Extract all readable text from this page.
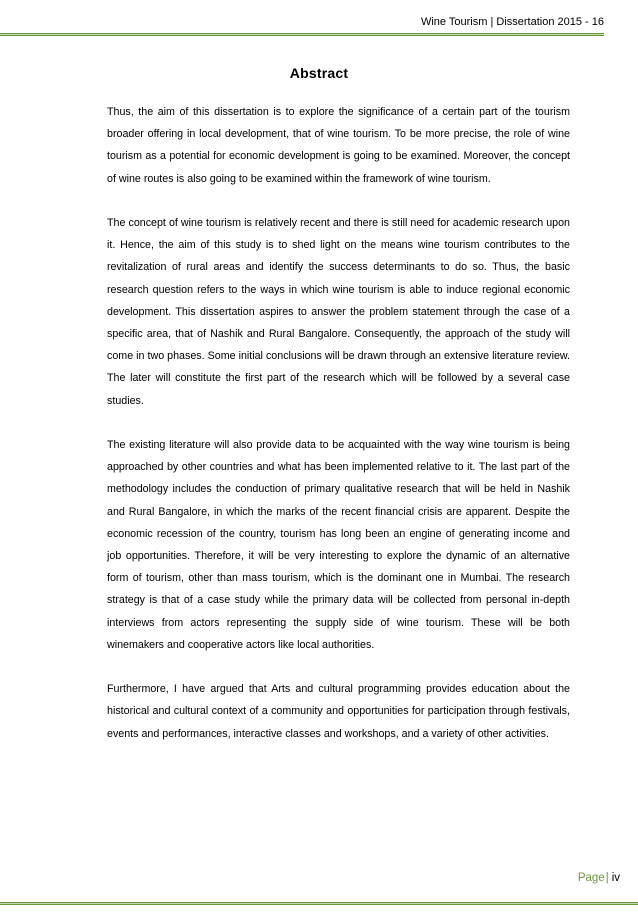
Wine Tourism | Dissertation 2015 - 16
Abstract

Thus, the aim of this dissertation is to explore the significance of a certain part of the tourism broader offering in local development, that of wine tourism. To be more precise, the role of wine tourism as a potential for economic development is going to be examined. Moreover, the concept of wine routes is also going to be examined within the framework of wine tourism.

The concept of wine tourism is relatively recent and there is still need for academic research upon it. Hence, the aim of this study is to shed light on the means wine tourism contributes to the revitalization of rural areas and identify the success determinants to do so. Thus, the basic research question refers to the ways in which wine tourism is able to induce regional economic development. This dissertation aspires to answer the problem statement through the case of a specific area, that of Nashik and Rural Bangalore. Consequently, the approach of the study will come in two phases. Some initial conclusions will be drawn through an extensive literature review. The later will constitute the first part of the research which will be followed by a several case studies.

The existing literature will also provide data to be acquainted with the way wine tourism is being approached by other countries and what has been implemented relative to it. The last part of the methodology includes the conduction of primary qualitative research that will be held in Nashik and Rural Bangalore, in which the marks of the recent financial crisis are apparent. Despite the economic recession of the country, tourism has long been an engine of generating income and job opportunities. Therefore, it will be very interesting to explore the dynamic of an alternative form of tourism, other than mass tourism, which is the dominant one in Mumbai. The research strategy is that of a case study while the primary data will be collected from personal in-depth interviews from actors representing the supply side of wine tourism. These will be both winemakers and cooperative actors like local authorities.

Furthermore, I have argued that Arts and cultural programming provides education about the historical and cultural context of a community and opportunities for participation through festivals, events and performances, interactive classes and workshops, and a variety of other activities.

Page| iv
